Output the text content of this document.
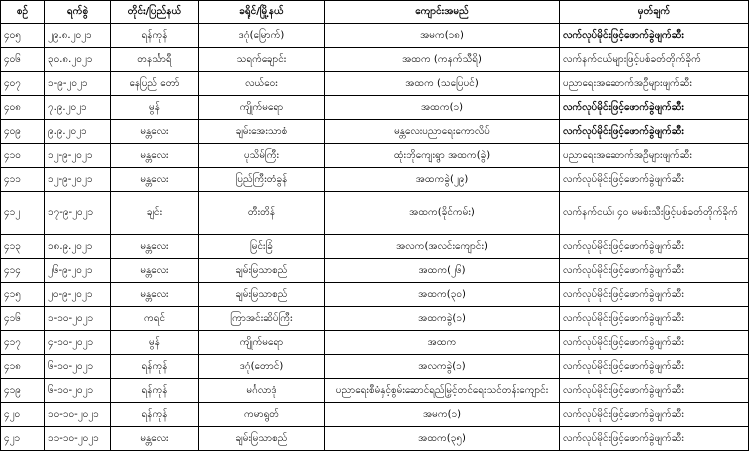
စဉ်	ရက်စွဲ	တိုင်း/ပြည်နယ်	ခရိုင်/မြို့နယ်	ကျောင်းအမည်	မှတ်ချက်
၄၀၅	၂၉.၈.၂၀၂၁	ရန်ကုန်	ဒဂုံ(မြောက်)	အမက(၁၈)	လက်လုပ်မိုင်းဖြင့်ဖောက်ခွဲဖျက်ဆီး
၄၀၆	၃၀.၈.၂၀၂၁	တနင်္သာရီ	သရက်ချောင်း	အထက (ကနက်သီရိ)	လက်နက်ငယ်များဖြင့်ပစ်ခတ်တိုက်ခိုက်
၄၀၇	၁-၉-၂၀၂၁	နေပြည် တော်	လယ်ဝေး	အထက (သပြေပင်)	ပညာရေးအဆောက်အဦများဖျက်ဆီး
၄၀၈	၇.၉.၂၀၂၁	မွန်	ကျိုက်မရော	အထက(၁)	လက်လုပ်မိုင်းဖြင့်ဖောက်ခွဲဖျက်ဆီး
၄၀၉	၉.၉.၂၀၂၁	မန္တလေး	ချမ်းအေးသာစံ	မန္တလေးပညာရေးကောလိပ်	လက်လုပ်မိုင်းဖြင့်ဖောက်ခွဲဖျက်ဆီး
၄၁၀	၁၂-၉-၂၀၂၁	မန္တလေး	ပုသိမ်ကြီး	ထုံးဘိုကျေးရွာ အထက(ခွဲ)	ပညာရေးအဆောက်အဦများဖျက်ဆီး
၄၁၁	၁၂-၉-၂၀၂၁	မန္တလေး	ပြည်ကြီးတံခွန်	အထကခွဲ(၂၉)	လက်လုပ်မိုင်းဖြင့်ဖောက်ခွဲဖျက်ဆီး
၄၁၂	၁၇-၉-၂၀၂၁	ချင်း	တီးတိန်	အထက(ခိုင်ကမ်း)	လက်နက်ငယ်၊ ၄၀ မမစ်းသီးဖြင့်ပစ်ခတ်တိုက်ခိုက်
၄၁၃	၁၈.၉.၂၀၂၁	မန္တလေး	မြင်းခြံ	အလက(အလင်းကျောင်း)	လက်လုပ်မိုင်းဖြင့်ဖောက်ခွဲဖျက်ဆီး
၄၁၄	၂၆-၉-၂၀၂၁	မန္တလေး	ချမ်းမြသာစည်	အထက(၂၆)	လက်လုပ်မိုင်းဖြင့်ဖောက်ခွဲဖျက်ဆီး
၄၁၅	၂၀-၉-၂၀၂၁	မန္တလေး	ချမ်းမြသာစည်	အထက(၃၀)	လက်လုပ်မိုင်းဖြင့်ဖောက်ခွဲဖျက်ဆီး
၄၁၆	၁-၁၀-၂၀၂၁	ကရင်	ကြာအင်းဆိပ်ကြီး	အထကခွဲ(၁)	လက်လုပ်မိုင်းဖြင့်ဖောက်ခွဲဖျက်ဆီး
၄၁၇	၄-၁၀-၂၀၂၁	မွန်	ကျိုက်မရော	အထက	လက်လုပ်မိုင်းဖြင့်ဖောက်ခွဲဖျက်ဆီး
၄၁၈	၆-၁၀-၂၀၂၁	ရန်ကုန်	ဒဂုံ(တောင်)	အလကခွဲ(၁)	လက်လုပ်မိုင်းဖြင့်ဖောက်ခွဲဖျက်ဆီး
၄၁၉	၆-၁၀-၂၀၂၁	ရန်ကုန်	မင်္ဂလာဒုံ	ပညာရေးစီမံနှင့်စွမ်းဆောင်ရည်မြှင့်တင်ရေးသင်တန်းကျောင်း	လက်လုပ်မိုင်းဖြင့်ဖောက်ခွဲဖျက်ဆီး
၄၂၀	၁၀-၁၀-၂၀၂၁	ရန်ကုန်	ကမာရွတ်	အမက(၁)	လက်လုပ်မိုင်းဖြင့်ဖောက်ခွဲဖျက်ဆီး
၄၂၁	၁၁-၁၀-၂၀၂၁	မန္တလေး	ချမ်းမြသာစည်	အထက(၃၅)	လက်လုပ်မိုင်းဖြင့်ဖောက်ခွဲဖျက်ဆီး
